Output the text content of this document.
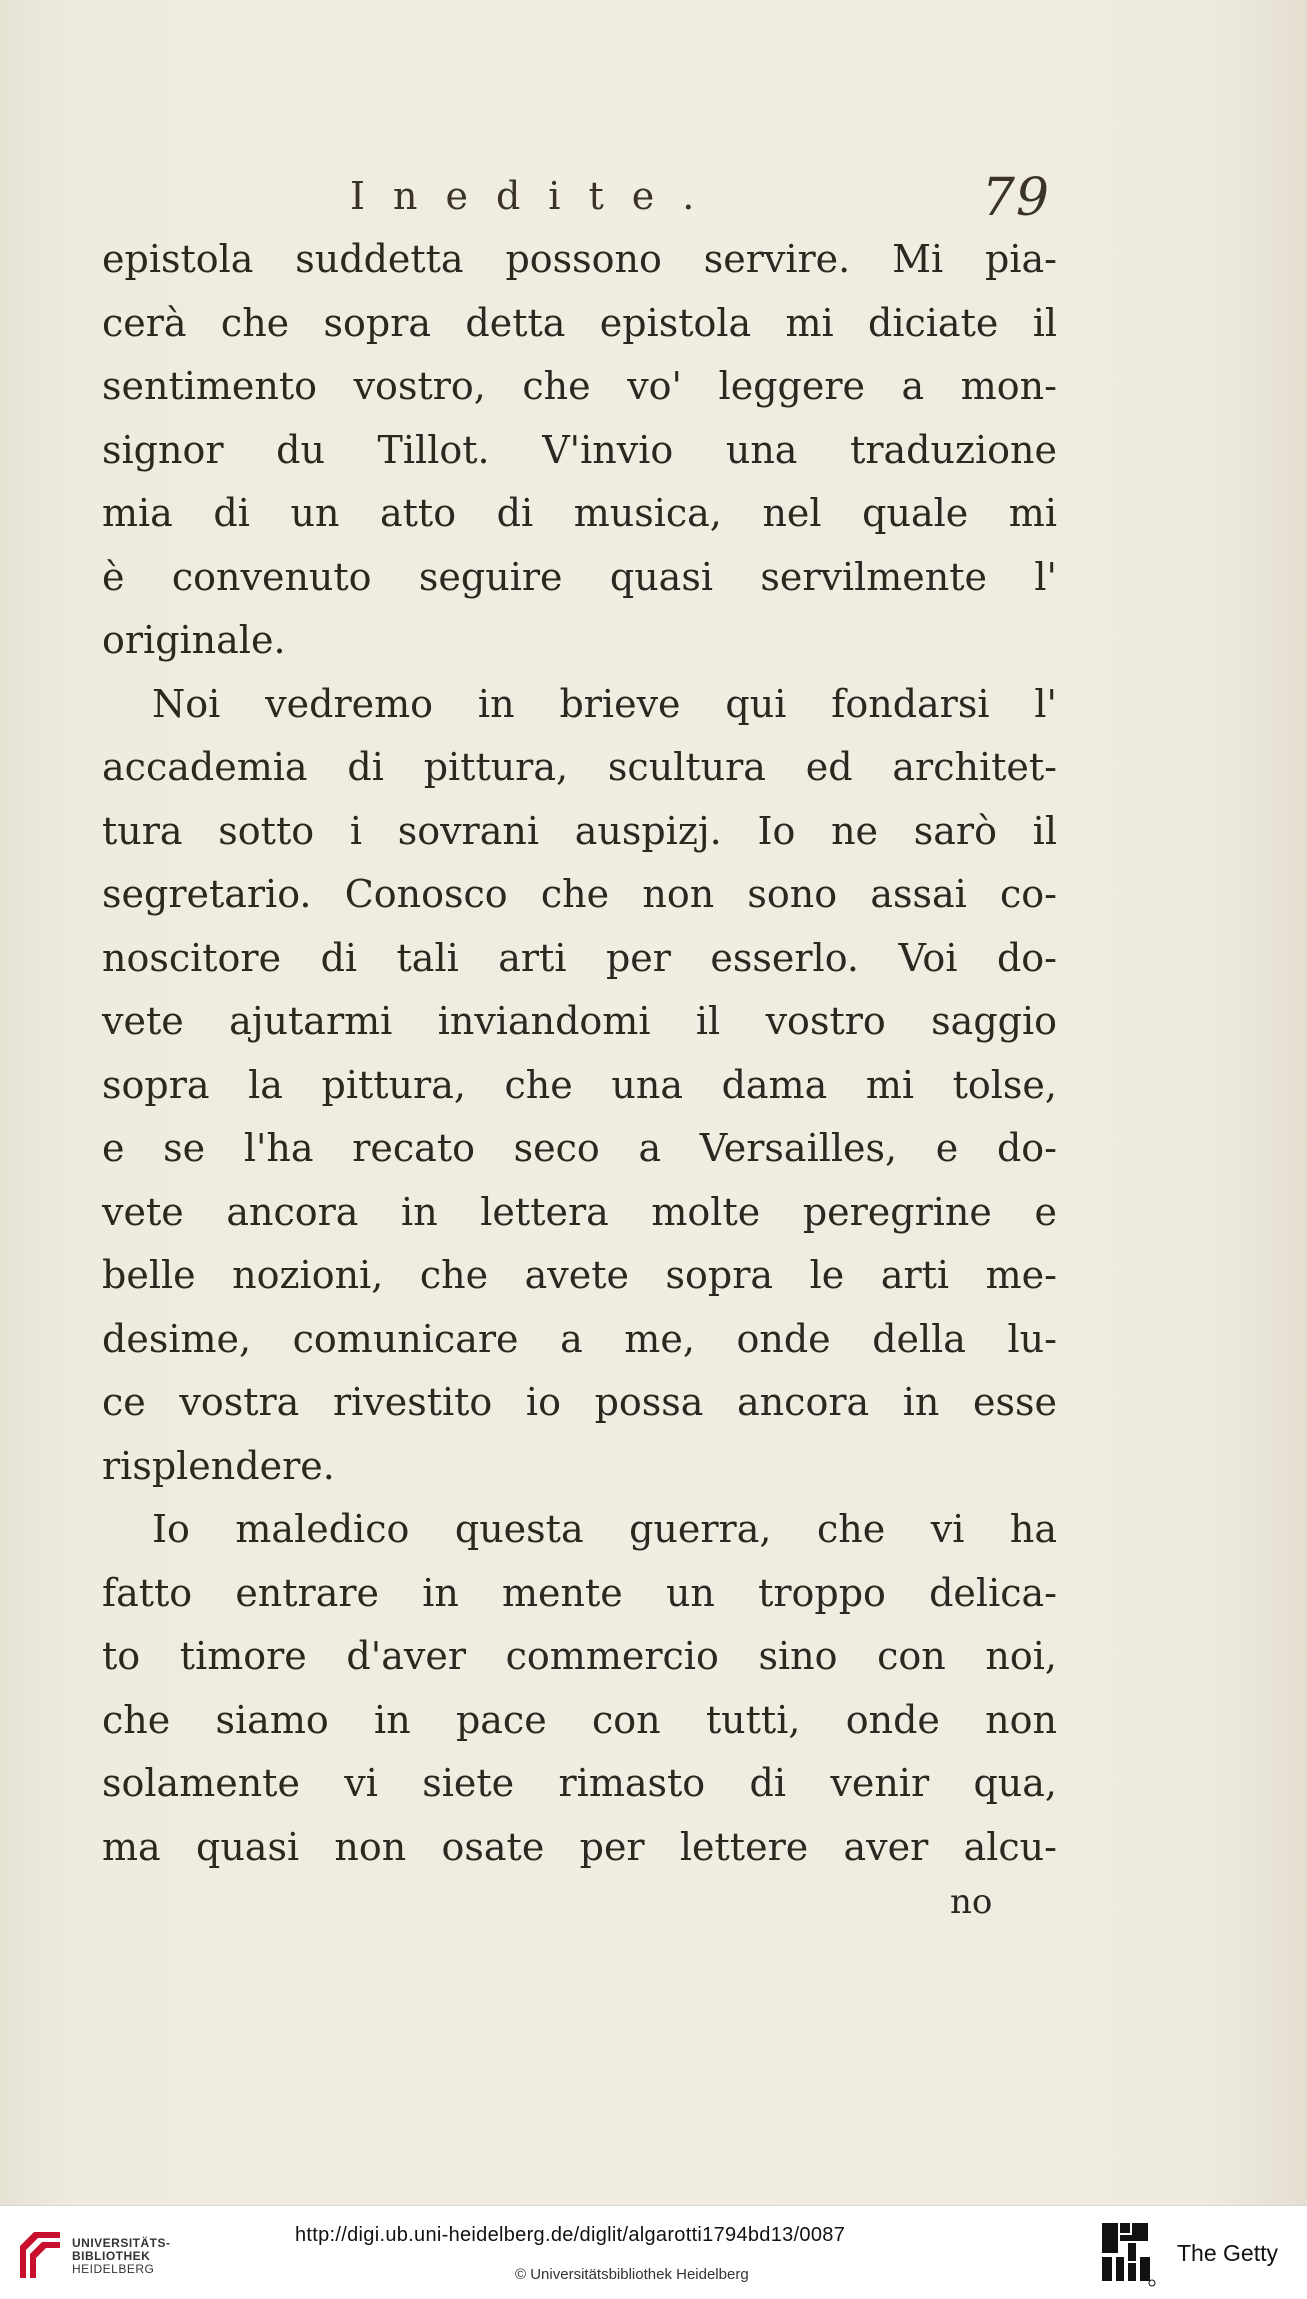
Inedite.	79
epistola suddetta possono servire. Mi pia-
cerà che sopra detta epistola mi diciate il
sentimento vostro, che vo' leggere a mon-
signor du Tillot. V'invio una traduzione
mia di un atto di musica, nel quale mi
è convenuto seguire quasi servilmente l'
originale.
Noi vedremo in brieve qui fondarsi l'
accademia di pittura, scultura ed architet-
tura sotto i sovrani auspizj. Io ne sarò il
segretario. Conosco che non sono assai co-
noscitore di tali arti per esserlo. Voi do-
vete ajutarmi inviandomi il vostro saggio
sopra la pittura, che una dama mi tolse,
e se l'ha recato seco a Versailles, e do-
vete ancora in lettera molte peregrine e
belle nozioni, che avete sopra le arti me-
desime, comunicare a me, onde della lu-
ce vostra rivestito io possa ancora in esse
risplendere.
Io maledico questa guerra, che vi ha
fatto entrare in mente un troppo delica-
to timore d'aver commercio sino con noi,
che siamo in pace con tutti, onde non
solamente vi siete rimasto di venir qua,
ma quasi non osate per lettere aver alcu-
no
UNIVERSITÄTS-
BIBLIOTHEK
HEIDELBERG
http://digi.ub.uni-heidelberg.de/diglit/algarotti1794bd13/0087
© Universitätsbibliothek Heidelberg
The Getty
